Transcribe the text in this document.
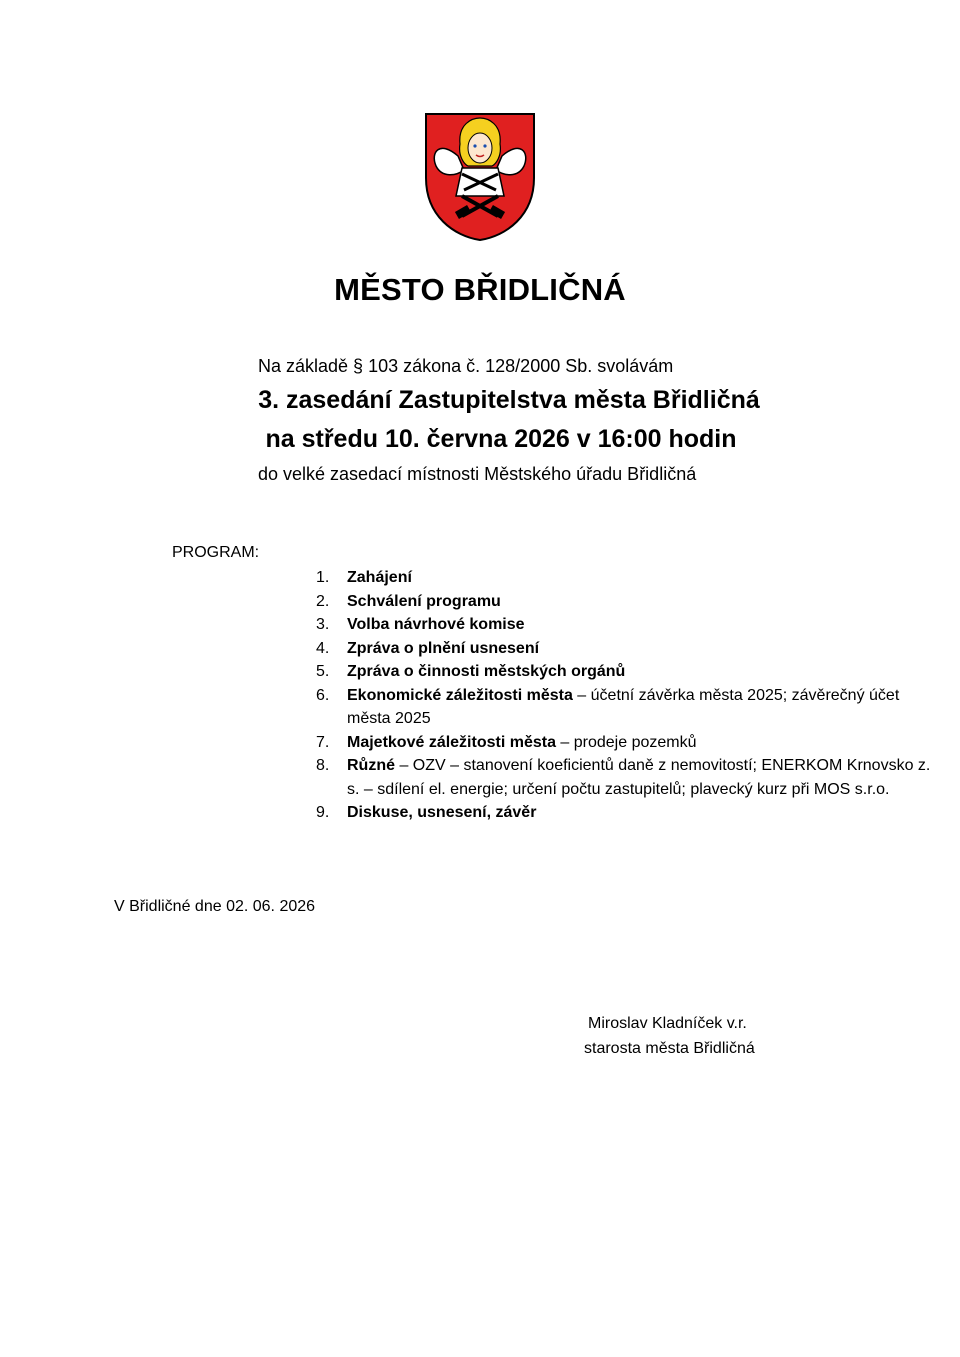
MĚSTO BŘIDLIČNÁ
Na základě § 103 zákona č. 128/2000 Sb. svolávám
3. zasedání Zastupitelstva města Břidličná
na středu 10. června 2026 v 16:00 hodin
do velké zasedací místnosti Městského úřadu Břidličná
PROGRAM:
1.	Zahájení
2.	Schválení programu
3.	Volba návrhové komise
4.	Zpráva o plnění usnesení
5.	Zpráva o činnosti městských orgánů
6.	Ekonomické záležitosti města – účetní závěrka města 2025; závěrečný účet města 2025
7.	Majetkové záležitosti města – prodeje pozemků
8.	Různé – OZV – stanovení koeficientů daně z nemovitostí; ENERKOM Krnovsko z. s. – sdílení el. energie; určení počtu zastupitelů; plavecký kurz při MOS s.r.o.
9.	Diskuse, usnesení, závěr
V Břidličné dne 02. 06. 2026
Miroslav Kladníček v.r.
starosta města Břidličná
